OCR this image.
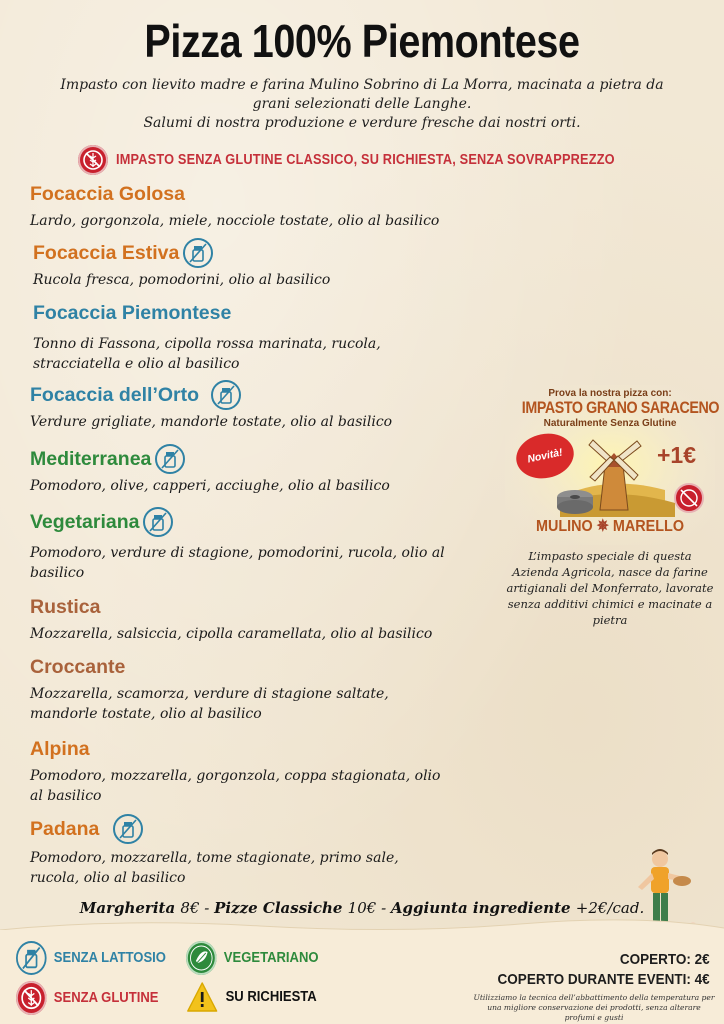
Pizza 100% Piemontese
Impasto con lievito madre e farina Mulino Sobrino di La Morra, macinata a pietra da
grani selezionati delle Langhe.
Salumi di nostra produzione e verdure fresche dai nostri orti.
IMPASTO SENZA GLUTINE CLASSICO, SU RICHIESTA, SENZA SOVRAPPREZZO
Focaccia Golosa
Lardo, gorgonzola, miele, nocciole tostate, olio al basilico
Focaccia Estiva
Rucola fresca, pomodorini, olio al basilico
Focaccia Piemontese
Tonno di Fassona, cipolla rossa marinata, rucola, stracciatella e olio al basilico
Focaccia dell’Orto
Verdure grigliate, mandorle tostate, olio al basilico
Mediterranea
Pomodoro, olive, capperi, acciughe, olio al basilico
Vegetariana
Pomodoro, verdure di stagione, pomodorini, rucola, olio al basilico
Rustica
Mozzarella, salsiccia, cipolla caramellata, olio al basilico
Croccante
Mozzarella, scamorza, verdure di stagione saltate, mandorle tostate, olio al basilico
Alpina
Pomodoro, mozzarella, gorgonzola, coppa stagionata, olio al basilico
Padana
Pomodoro, mozzarella, tome stagionate, primo sale, rucola, olio al basilico
Prova la nostra pizza con:
IMPASTO GRANO SARACENO
Naturalmente Senza Glutine
Novità!	+1€
MULINO ✵ MARELLO
L’impasto speciale di questa Azienda Agricola, nasce da farine artigianali del Monferrato, lavorate senza additivi chimici e macinate a pietra
Margherita 8€ - Pizze Classiche 10€ - Aggiunta ingrediente +2€/cad.
SENZA LATTOSIO	VEGETARIANO
SENZA GLUTINE	SU RICHIESTA
COPERTO: 2€
COPERTO DURANTE EVENTI: 4€
Utilizziamo la tecnica dell’abbattimento della temperatura per una migliore conservazione dei prodotti, senza alterare profumi e gusti
